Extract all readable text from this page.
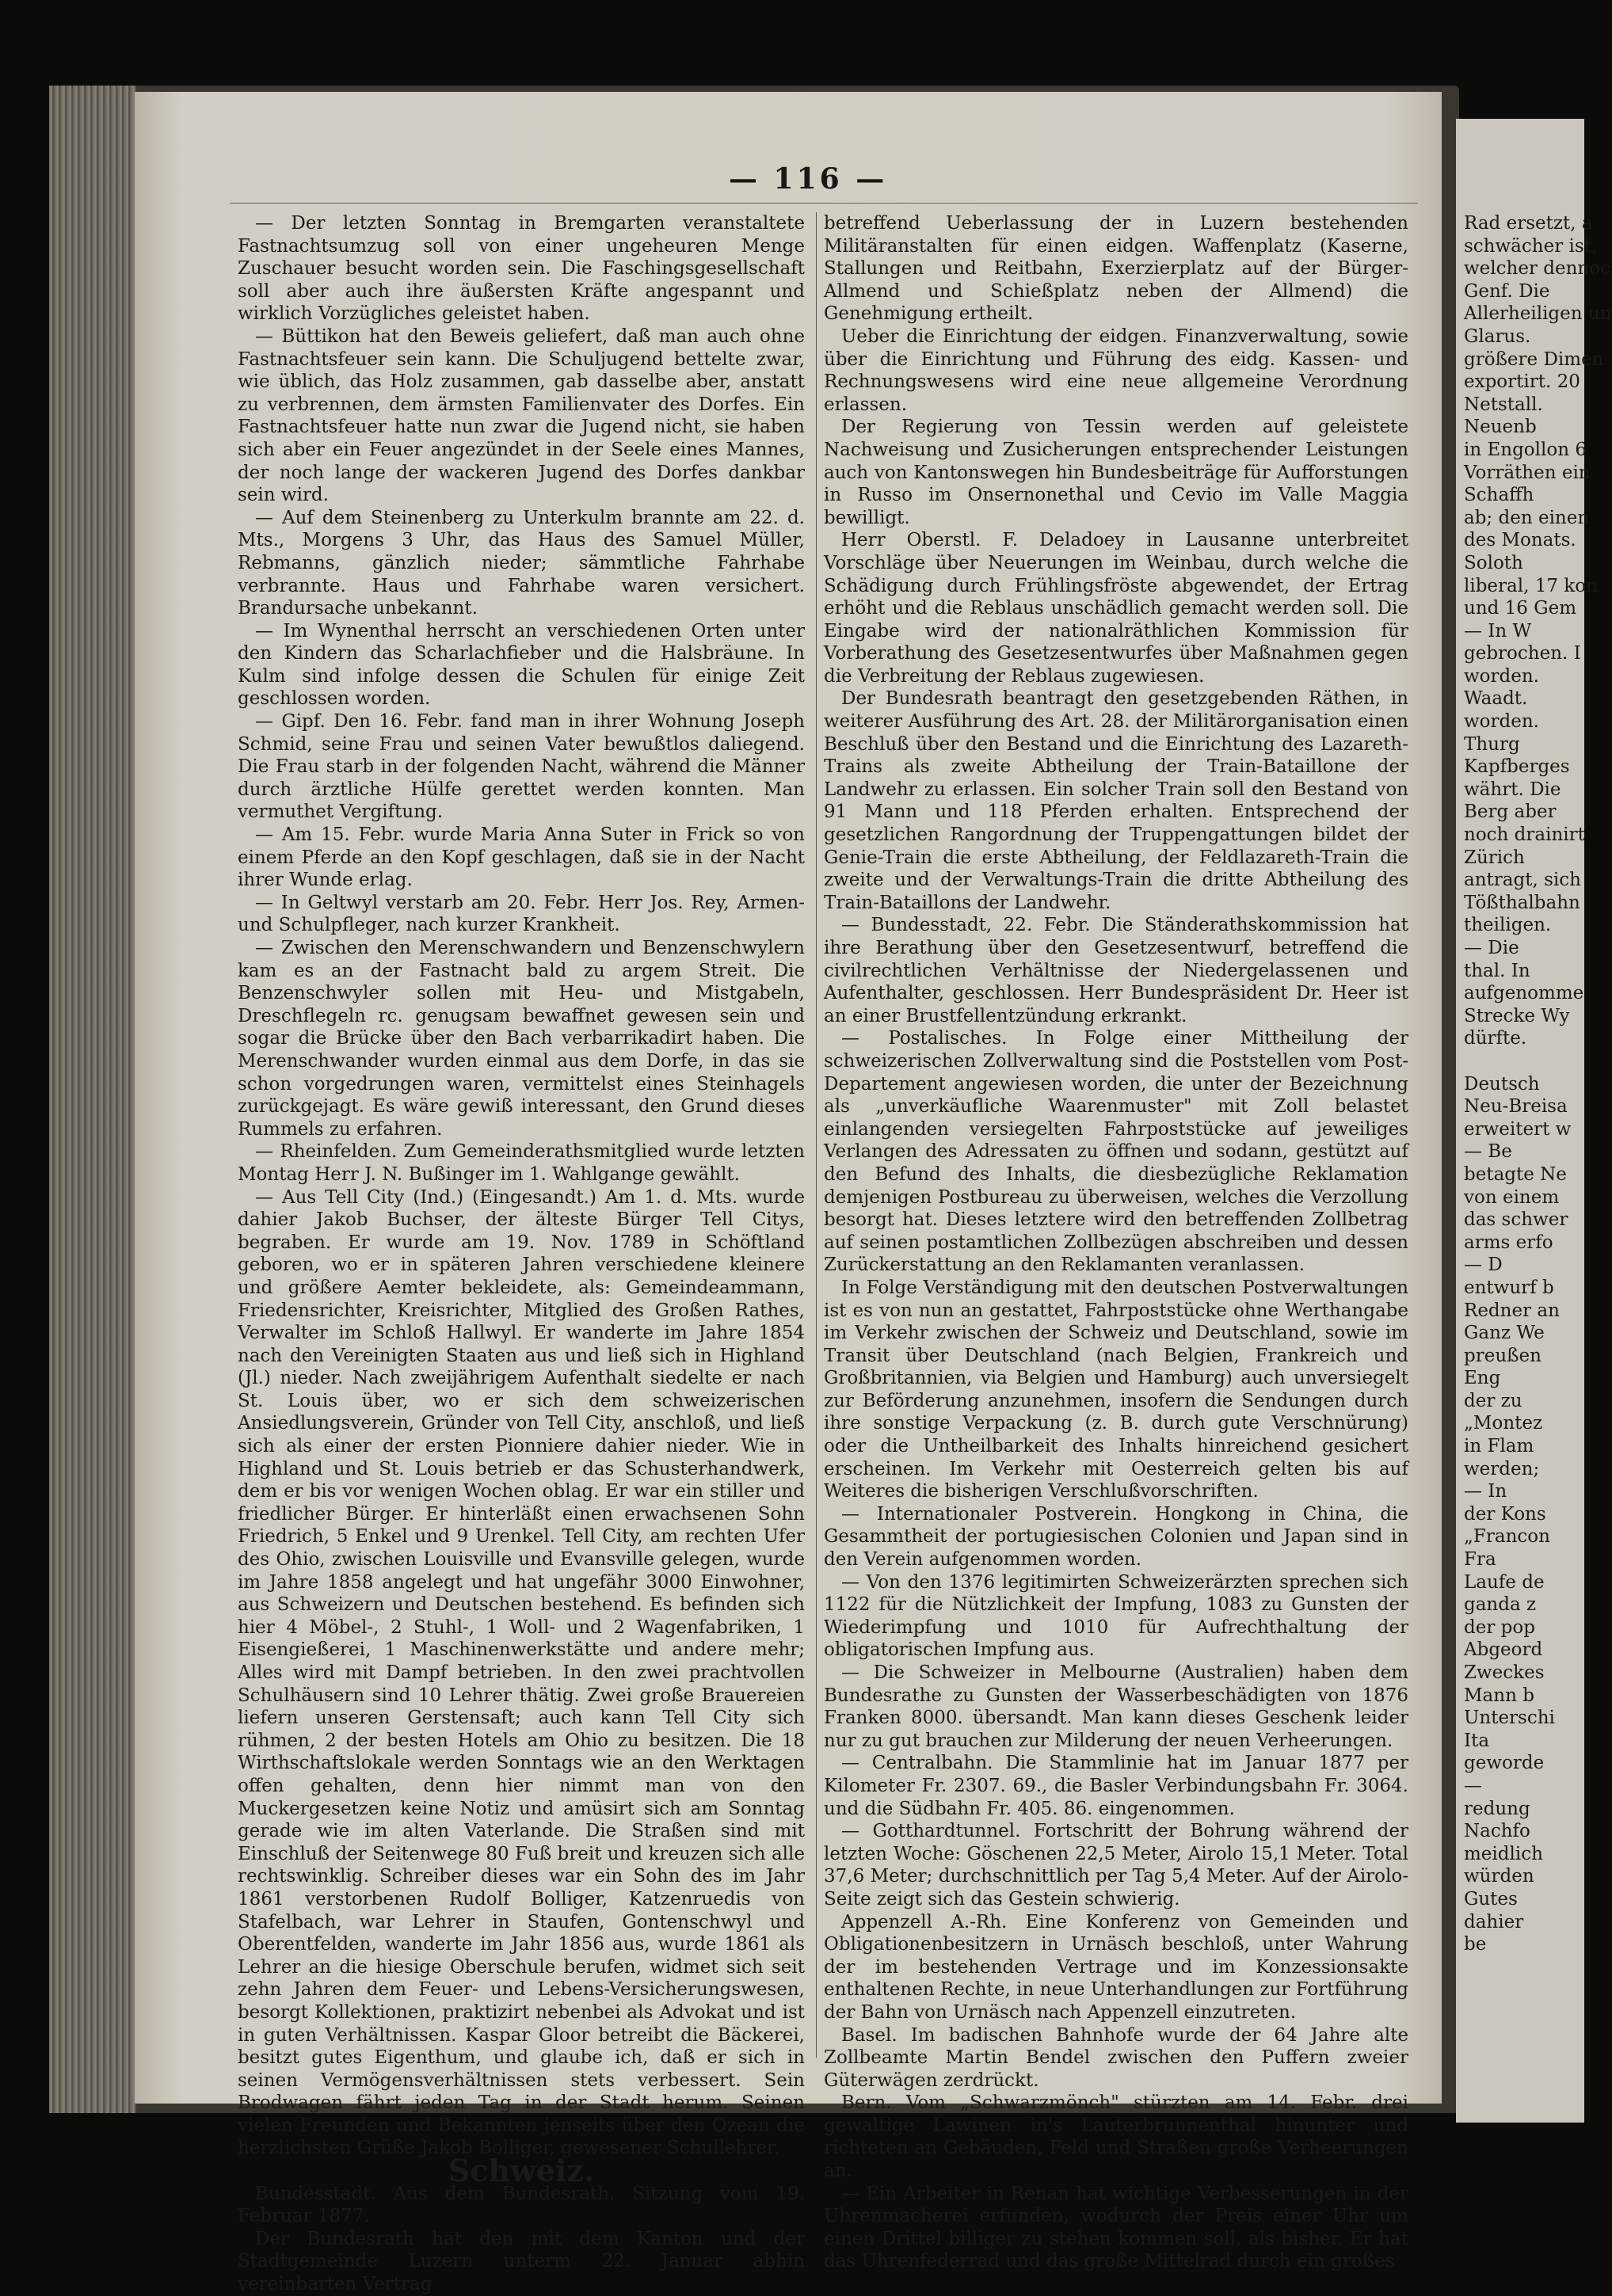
— 116 —

— Der letzten Sonntag in Bremgarten veranstaltete Fastnachtsumzug soll von einer ungeheuren Menge Zuschauer besucht worden sein. Die Faschingsgesellschaft soll aber auch ihre äußersten Kräfte angespannt und wirklich Vorzügliches geleistet haben.

— Büttikon hat den Beweis geliefert, daß man auch ohne Fastnachtsfeuer sein kann. Die Schuljugend bettelte zwar, wie üblich, das Holz zusammen, gab dasselbe aber, anstatt zu verbrennen, dem ärmsten Familienvater des Dorfes. Ein Fastnachtsfeuer hatte nun zwar die Jugend nicht, sie haben sich aber ein Feuer angezündet in der Seele eines Mannes, der noch lange der wackeren Jugend des Dorfes dankbar sein wird.

— Auf dem Steinenberg zu Unterkulm brannte am 22. d. Mts., Morgens 3 Uhr, das Haus des Samuel Müller, Rebmanns, gänzlich nieder; sämmtliche Fahrhabe verbrannte. Haus und Fahrhabe waren versichert. Brandursache unbekannt.

— Im Wynenthal herrscht an verschiedenen Orten unter den Kindern das Scharlachfieber und die Halsbräune. In Kulm sind infolge dessen die Schulen für einige Zeit geschlossen worden.

— Gipf. Den 16. Febr. fand man in ihrer Wohnung Joseph Schmid, seine Frau und seinen Vater bewußtlos daliegend. Die Frau starb in der folgenden Nacht, während die Männer durch ärztliche Hülfe gerettet werden konnten. Man vermuthet Vergiftung.

— Am 15. Febr. wurde Maria Anna Suter in Frick so von einem Pferde an den Kopf geschlagen, daß sie in der Nacht ihrer Wunde erlag.

— In Geltwyl verstarb am 20. Febr. Herr Jos. Rey, Armen- und Schulpfleger, nach kurzer Krankheit.

— Zwischen den Merenschwandern und Benzenschwylern kam es an der Fastnacht bald zu argem Streit. Die Benzenschwyler sollen mit Heu- und Mistgabeln, Dreschflegeln rc. genugsam bewaffnet gewesen sein und sogar die Brücke über den Bach verbarrikadirt haben. Die Merenschwander wurden einmal aus dem Dorfe, in das sie schon vorgedrungen waren, vermittelst eines Steinhagels zurückgejagt. Es wäre gewiß interessant, den Grund dieses Rummels zu erfahren.

— Rheinfelden. Zum Gemeinderathsmitglied wurde letzten Montag Herr J. N. Bußinger im 1. Wahlgange gewählt.

— Aus Tell City (Ind.) (Eingesandt.) Am 1. d. Mts. wurde dahier Jakob Buchser, der älteste Bürger Tell Citys, begraben. Er wurde am 19. Nov. 1789 in Schöftland geboren, wo er in späteren Jahren verschiedene kleinere und größere Aemter bekleidete, als: Gemeindeammann, Friedensrichter, Kreisrichter, Mitglied des Großen Rathes, Verwalter im Schloß Hallwyl. Er wanderte im Jahre 1854 nach den Vereinigten Staaten aus und ließ sich in Highland (Jl.) nieder. Nach zweijährigem Aufenthalt siedelte er nach St. Louis über, wo er sich dem schweizerischen Ansiedlungsverein, Gründer von Tell City, anschloß, und ließ sich als einer der ersten Pionniere dahier nieder. Wie in Highland und St. Louis betrieb er das Schusterhandwerk, dem er bis vor wenigen Wochen oblag. Er war ein stiller und friedlicher Bürger. Er hinterläßt einen erwachsenen Sohn Friedrich, 5 Enkel und 9 Urenkel. Tell City, am rechten Ufer des Ohio, zwischen Louisville und Evansville gelegen, wurde im Jahre 1858 angelegt und hat ungefähr 3000 Einwohner, aus Schweizern und Deutschen bestehend. Es befinden sich hier 4 Möbel-, 2 Stuhl-, 1 Woll- und 2 Wagenfabriken, 1 Eisengießerei, 1 Maschinenwerkstätte und andere mehr; Alles wird mit Dampf betrieben. In den zwei prachtvollen Schulhäusern sind 10 Lehrer thätig. Zwei große Brauereien liefern unseren Gerstensaft; auch kann Tell City sich rühmen, 2 der besten Hotels am Ohio zu besitzen. Die 18 Wirthschaftslokale werden Sonntags wie an den Werktagen offen gehalten, denn hier nimmt man von den Muckergesetzen keine Notiz und amüsirt sich am Sonntag gerade wie im alten Vaterlande. Die Straßen sind mit Einschluß der Seitenwege 80 Fuß breit und kreuzen sich alle rechtswinklig. Schreiber dieses war ein Sohn des im Jahr 1861 verstorbenen Rudolf Bolliger, Katzenruedis von Stafelbach, war Lehrer in Staufen, Gontenschwyl und Oberentfelden, wanderte im Jahr 1856 aus, wurde 1861 als Lehrer an die hiesige Oberschule berufen, widmet sich seit zehn Jahren dem Feuer- und Lebens-Versicherungswesen, besorgt Kollektionen, praktizirt nebenbei als Advokat und ist in guten Verhältnissen. Kaspar Gloor betreibt die Bäckerei, besitzt gutes Eigenthum, und glaube ich, daß er sich in seinen Vermögensverhältnissen stets verbessert. Sein Brodwagen fährt jeden Tag in der Stadt herum. Seinen vielen Freunden und Bekannten jenseits über den Ozean die herzlichsten Grüße Jakob Bolliger, gewesener Schullehrer.

Schweiz.

Bundesstadt. Aus dem Bundesrath. Sitzung vom 19. Februar 1877.

Der Bundesrath hat den mit dem Kanton und der Stadtgemeinde Luzern unterm 22. Januar abhin vereinbarten Vertrag

betreffend Ueberlassung der in Luzern bestehenden Militäranstalten für einen eidgen. Waffenplatz (Kaserne, Stallungen und Reitbahn, Exerzierplatz auf der Bürger-Allmend und Schießplatz neben der Allmend) die Genehmigung ertheilt.

Ueber die Einrichtung der eidgen. Finanzverwaltung, sowie über die Einrichtung und Führung des eidg. Kassen- und Rechnungswesens wird eine neue allgemeine Verordnung erlassen.

Der Regierung von Tessin werden auf geleistete Nachweisung und Zusicherungen entsprechender Leistungen auch von Kantonswegen hin Bundesbeiträge für Aufforstungen in Russo im Onsernonethal und Cevio im Valle Maggia bewilligt.

Herr Oberstl. F. Deladoey in Lausanne unterbreitet Vorschläge über Neuerungen im Weinbau, durch welche die Schädigung durch Frühlingsfröste abgewendet, der Ertrag erhöht und die Reblaus unschädlich gemacht werden soll. Die Eingabe wird der nationalräthlichen Kommission für Vorberathung des Gesetzesentwurfes über Maßnahmen gegen die Verbreitung der Reblaus zugewiesen.

Der Bundesrath beantragt den gesetzgebenden Räthen, in weiterer Ausführung des Art. 28. der Militärorganisation einen Beschluß über den Bestand und die Einrichtung des Lazareth-Trains als zweite Abtheilung der Train-Bataillone der Landwehr zu erlassen. Ein solcher Train soll den Bestand von 91 Mann und 118 Pferden erhalten. Entsprechend der gesetzlichen Rangordnung der Truppengattungen bildet der Genie-Train die erste Abtheilung, der Feldlazareth-Train die zweite und der Verwaltungs-Train die dritte Abtheilung des Train-Bataillons der Landwehr.

— Bundesstadt, 22. Febr. Die Ständerathskommission hat ihre Berathung über den Gesetzesentwurf, betreffend die civilrechtlichen Verhältnisse der Niedergelassenen und Aufenthalter, geschlossen. Herr Bundespräsident Dr. Heer ist an einer Brustfellentzündung erkrankt.

— Postalisches. In Folge einer Mittheilung der schweizerischen Zollverwaltung sind die Poststellen vom Post-Departement angewiesen worden, die unter der Bezeichnung als „unverkäufliche Waarenmuster" mit Zoll belastet einlangenden versiegelten Fahrpoststücke auf jeweiliges Verlangen des Adressaten zu öffnen und sodann, gestützt auf den Befund des Inhalts, die diesbezügliche Reklamation demjenigen Postbureau zu überweisen, welches die Verzollung besorgt hat. Dieses letztere wird den betreffenden Zollbetrag auf seinen postamtlichen Zollbezügen abschreiben und dessen Zurückerstattung an den Reklamanten veranlassen.

In Folge Verständigung mit den deutschen Postverwaltungen ist es von nun an gestattet, Fahrpoststücke ohne Werthangabe im Verkehr zwischen der Schweiz und Deutschland, sowie im Transit über Deutschland (nach Belgien, Frankreich und Großbritannien, via Belgien und Hamburg) auch unversiegelt zur Beförderung anzunehmen, insofern die Sendungen durch ihre sonstige Verpackung (z. B. durch gute Verschnürung) oder die Untheilbarkeit des Inhalts hinreichend gesichert erscheinen. Im Verkehr mit Oesterreich gelten bis auf Weiteres die bisherigen Verschlußvorschriften.

— Internationaler Postverein. Hongkong in China, die Gesammtheit der portugiesischen Colonien und Japan sind in den Verein aufgenommen worden.

— Von den 1376 legitimirten Schweizerärzten sprechen sich 1122 für die Nützlichkeit der Impfung, 1083 zu Gunsten der Wiederimpfung und 1010 für Aufrechthaltung der obligatorischen Impfung aus.

— Die Schweizer in Melbourne (Australien) haben dem Bundesrathe zu Gunsten der Wasserbeschädigten von 1876 Franken 8000. übersandt. Man kann dieses Geschenk leider nur zu gut brauchen zur Milderung der neuen Verheerungen.

— Centralbahn. Die Stammlinie hat im Januar 1877 per Kilometer Fr. 2307. 69., die Basler Verbindungsbahn Fr. 3064. und die Südbahn Fr. 405. 86. eingenommen.

— Gotthardtunnel. Fortschritt der Bohrung während der letzten Woche: Göschenen 22,5 Meter, Airolo 15,1 Meter. Total 37,6 Meter; durchschnittlich per Tag 5,4 Meter. Auf der Airolo-Seite zeigt sich das Gestein schwierig.

Appenzell A.-Rh. Eine Konferenz von Gemeinden und Obligationenbesitzern in Urnäsch beschloß, unter Wahrung der im bestehenden Vertrage und im Konzessionsakte enthaltenen Rechte, in neue Unterhandlungen zur Fortführung der Bahn von Urnäsch nach Appenzell einzutreten.

Basel. Im badischen Bahnhofe wurde der 64 Jahre alte Zollbeamte Martin Bendel zwischen den Puffern zweier Güterwägen zerdrückt.

Bern. Vom „Schwarzmönch" stürzten am 14. Febr. drei gewaltige Lawinen in's Lauterbrunnenthal hinunter und richteten an Gebäuden, Feld und Straßen große Verheerungen an.

— Ein Arbeiter in Renan hat wichtige Verbesserungen in der Uhrenmacherei erfunden, wodurch der Preis einer Uhr um einen Drittel billiger zu stehen kommen soll, als bisher. Er hat das Uhrenfederrad und das große Mittelrad durch ein großes

Rad ersetzt, a
schwächer ist,
welcher dennoc
Genf. Die
Allerheiligen un
Glarus.
größere Dimen
exportirt. 20
Netstall.
Neuenb
in Engollon 6
Vorräthen ein
Schaffh
ab; den einen
des Monats.
Soloth
liberal, 17 kon
und 16 Gem
— In W
gebrochen. I
worden.
Waadt.
worden.
Thurg
Kapfberges
währt. Die
Berg aber
noch drainirt
Zürich
antragt, sich
Tößthalbahn
theiligen.
— Die
thal. In
aufgenomme
Strecke Wy
dürfte.
Deutsch
Neu-Breisa
erweitert w
— Be
betagte Ne
von einem
das schwer
arms erfo
— D
entwurf b
Redner an
Ganz We
preußen
Eng
der zu
„Montez
in Flam
werden;
— In
der Kons
„Francon
Fra
Laufe de
ganda z
der pop
Abgeord
Zweckes
Mann b
Unterschi
Ita
geworde
—
redung
Nachfo
meidlich
würden
Gutes
dahier
be
